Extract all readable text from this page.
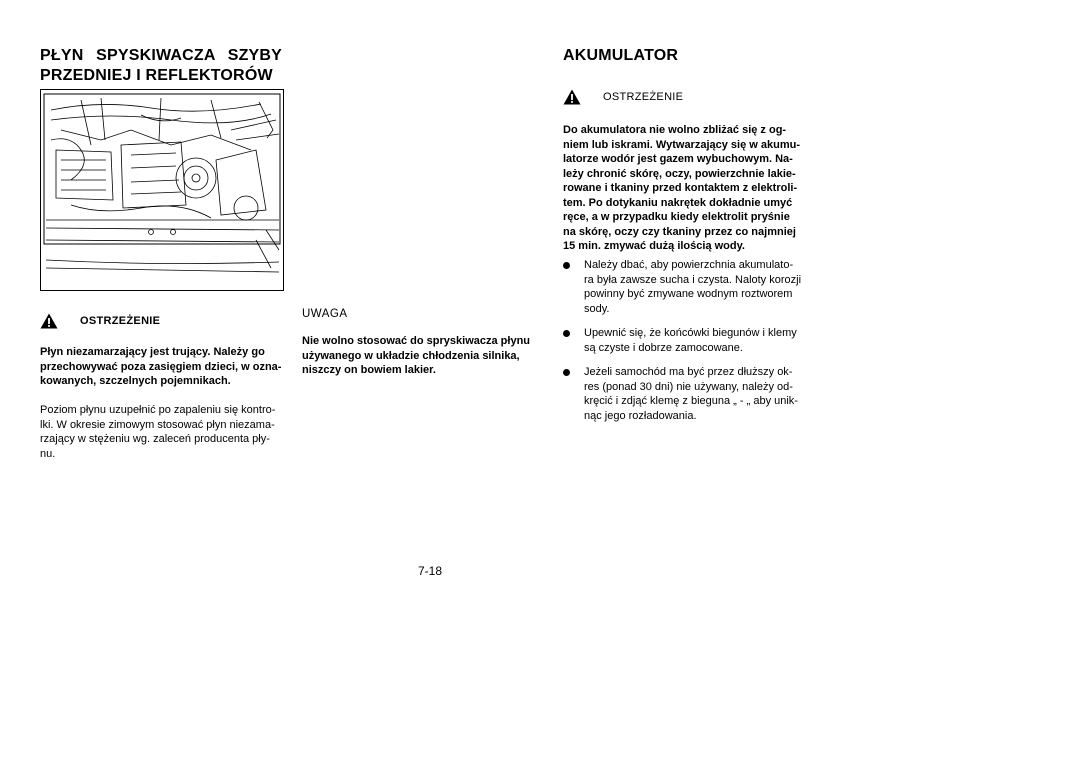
PŁYN SPYSKIWACZA SZYBY
PRZEDNIEJ I REFLEKTORÓW
OSTRZEŻENIE

Płyn niezamarzający jest trujący. Należy go
przechowywać poza zasięgiem dzieci, w ozna-
kowanych, szczelnych pojemnikach.

Poziom płynu uzupełnić po zapaleniu się kontro-
lki. W okresie zimowym stosować płyn niezama-
rzający w stężeniu wg. zaleceń producenta pły-
nu.

UWAGA

Nie wolno stosować do spryskiwacza płynu
używanego w układzie chłodzenia silnika,
niszczy on bowiem lakier.

AKUMULATOR
OSTRZEŻENIE

Do akumulatora nie wolno zbliżać się z og-
niem lub iskrami. Wytwarzający się w akumu-
latorze wodór jest gazem wybuchowym. Na-
leży chronić skórę, oczy, powierzchnie lakie-
rowane i tkaniny przed kontaktem z elektroli-
tem. Po dotykaniu nakrętek dokładnie umyć
ręce, a w przypadku kiedy elektrolit pryśnie
na skórę, oczy czy tkaniny przez co najmniej
15 min. zmywać dużą ilością wody.

Należy dbać, aby powierzchnia akumulato-
ra była zawsze sucha i czysta. Naloty korozji
powinny być zmywane wodnym roztworem
sody.
Upewnić się, że końcówki biegunów i klemy
są czyste i dobrze zamocowane.
Jeżeli samochód ma być przez dłuższy ok-
res (ponad 30 dni) nie używany, należy od-
kręcić i zdjąć klemę z bieguna „ - „ aby unik-
nąc jego rozładowania.
7-18
